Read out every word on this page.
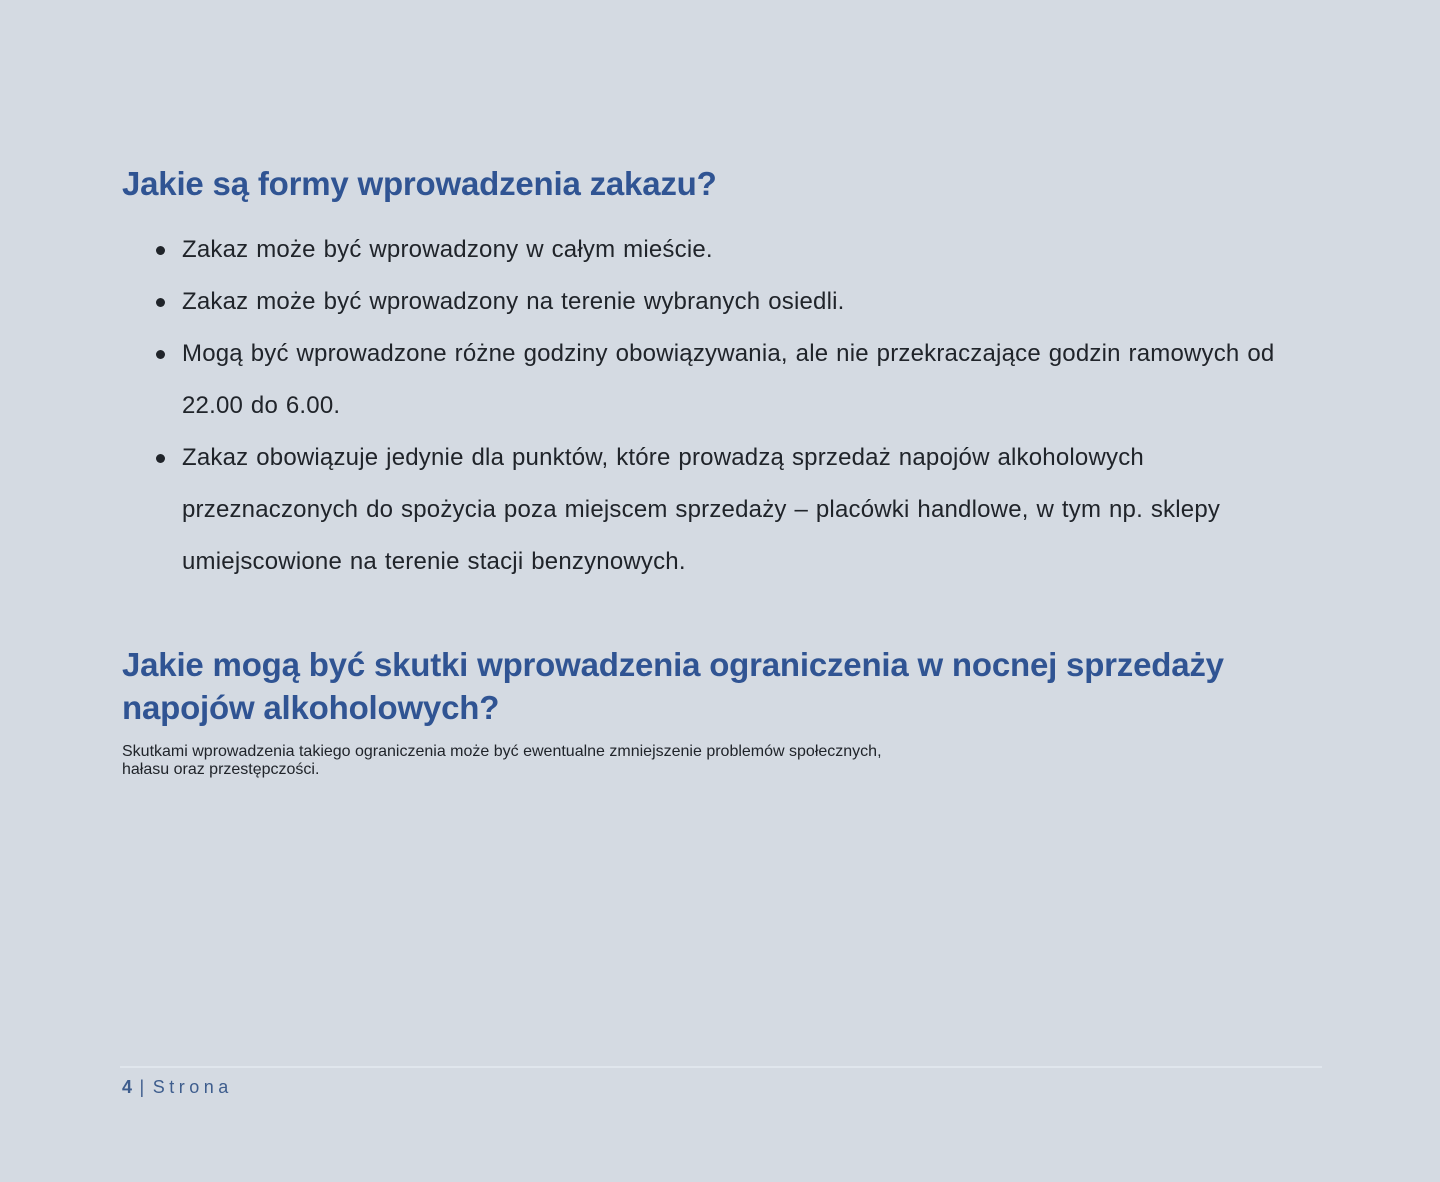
Jakie są formy wprowadzenia zakazu?
Zakaz może być wprowadzony w całym mieście.
Zakaz może być wprowadzony na terenie wybranych osiedli.
Mogą być wprowadzone różne godziny obowiązywania, ale nie przekraczające godzin ramowych od
22.00 do 6.00.
Zakaz obowiązuje jedynie dla punktów, które prowadzą sprzedaż napojów alkoholowych
przeznaczonych do spożycia poza miejscem sprzedaży – placówki handlowe, w tym np. sklepy
umiejscowione na terenie stacji benzynowych.
Jakie mogą być skutki wprowadzenia ograniczenia w nocnej sprzedaży
napojów alkoholowych?

Skutkami wprowadzenia takiego ograniczenia może być ewentualne zmniejszenie problemów społecznych,
hałasu oraz przestępczości.

4 | Strona
